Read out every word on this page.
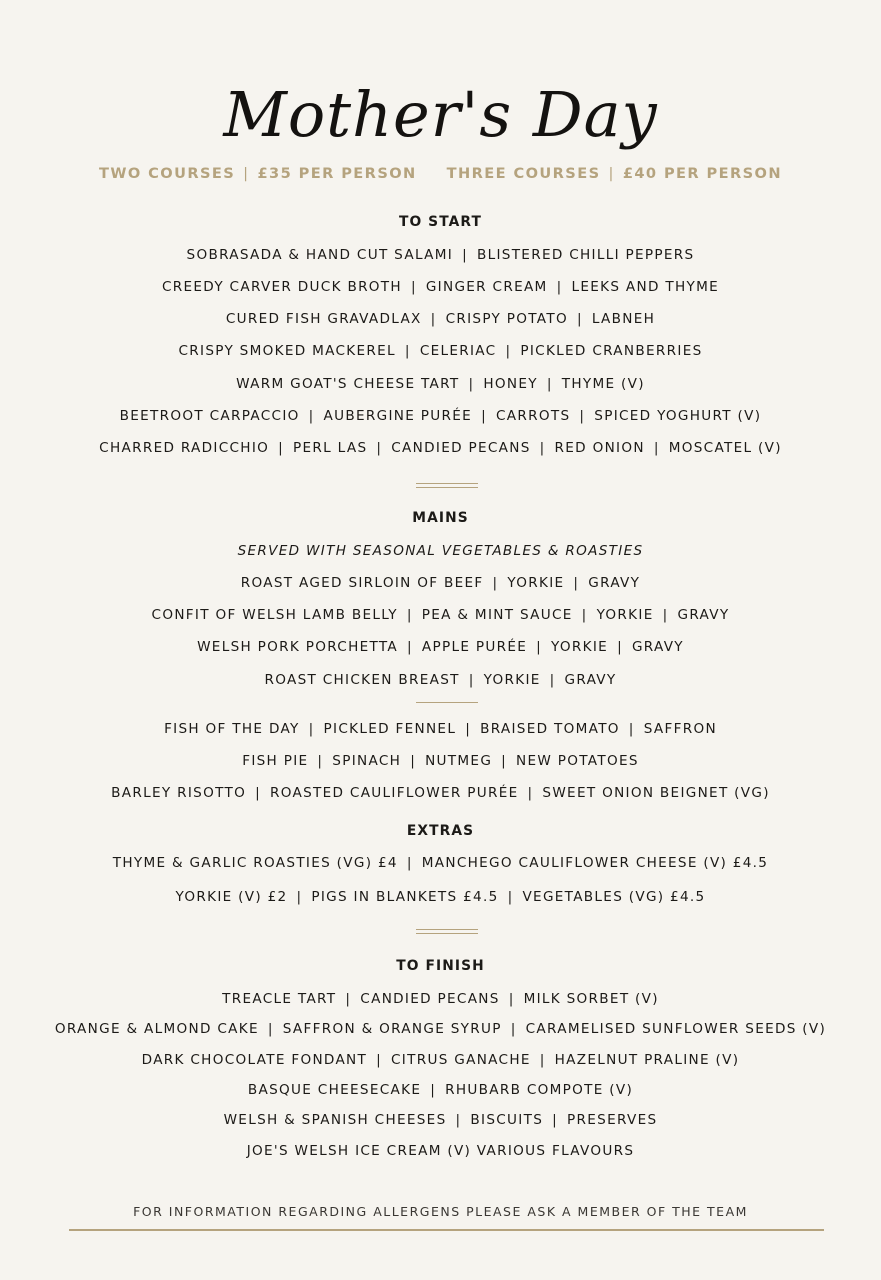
Mother's Day
TWO COURSES | £35 PER PERSON THREE COURSES | £40 PER PERSON
TO START
SOBRASADA & HAND CUT SALAMI | BLISTERED CHILLI PEPPERS
CREEDY CARVER DUCK BROTH | GINGER CREAM | LEEKS AND THYME
CURED FISH GRAVADLAX | CRISPY POTATO | LABNEH
CRISPY SMOKED MACKEREL | CELERIAC | PICKLED CRANBERRIES
WARM GOAT'S CHEESE TART | HONEY | THYME (V)
BEETROOT CARPACCIO | AUBERGINE PURÉE | CARROTS | SPICED YOGHURT (V)
CHARRED RADICCHIO | PERL LAS | CANDIED PECANS | RED ONION | MOSCATEL (V)
MAINS
SERVED WITH SEASONAL VEGETABLES & ROASTIES
ROAST AGED SIRLOIN OF BEEF | YORKIE | GRAVY
CONFIT OF WELSH LAMB BELLY | PEA & MINT SAUCE | YORKIE | GRAVY
WELSH PORK PORCHETTA | APPLE PURÉE | YORKIE | GRAVY
ROAST CHICKEN BREAST | YORKIE | GRAVY
FISH OF THE DAY | PICKLED FENNEL | BRAISED TOMATO | SAFFRON
FISH PIE | SPINACH | NUTMEG | NEW POTATOES
BARLEY RISOTTO | ROASTED CAULIFLOWER PURÉE | SWEET ONION BEIGNET (VG)
EXTRAS
THYME & GARLIC ROASTIES (VG) £4 | MANCHEGO CAULIFLOWER CHEESE (V) £4.5
YORKIE (V) £2 | PIGS IN BLANKETS £4.5 | VEGETABLES (VG) £4.5
TO FINISH
TREACLE TART | CANDIED PECANS | MILK SORBET (V)
ORANGE & ALMOND CAKE | SAFFRON & ORANGE SYRUP | CARAMELISED SUNFLOWER SEEDS (V)
DARK CHOCOLATE FONDANT | CITRUS GANACHE | HAZELNUT PRALINE (V)
BASQUE CHEESECAKE | RHUBARB COMPOTE (V)
WELSH & SPANISH CHEESES | BISCUITS | PRESERVES
JOE'S WELSH ICE CREAM (V) VARIOUS FLAVOURS
FOR INFORMATION REGARDING ALLERGENS PLEASE ASK A MEMBER OF THE TEAM
